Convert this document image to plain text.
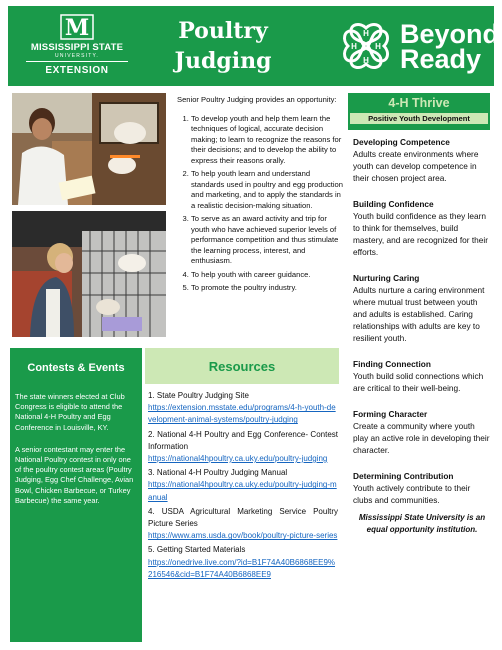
M
MISSISSIPPI STATE
UNIVERSITY.
EXTENSION
Poultry
Judging
H
H
H H Beyond
Ready

Senior Poultry Judging provides an opportunity:

1. To develop youth and help them learn the techniques of logical, accurate decision making; to learn to recognize the reasons for their decisions; and to develop the ability to express their reasons orally.
2. To help youth learn and understand standards used in poultry and egg production and marketing, and to apply the standards in a realistic decision-making situation.
3. To serve as an award activity and trip for youth who have achieved superior levels of performance competition and thus stimulate the learning process, interest, and enthusiasm.
4. To help youth with career guidance.
5. To promote the poultry industry.
Contests & Events

The state winners elected at Club Congress is eligible to attend the National 4-H Poultry and Egg Conference in Louisville, KY.

A senior contestant may enter the National Poultry contest in only one of the poultry contest areas (Poultry Judging, Egg Chef Challenge, Avian Bowl, Chicken Barbecue, or Turkey Barbecue) the same year.

Resources
1. State Poultry Judging Site
https://extension.msstate.edu/programs/4-h-youth-development-animal-systems/poultry-judging
2. National 4-H Poultry and Egg Conference- Contest Information
https://national4hpoultry.ca.uky.edu/poultry-judging
3. National 4-H Poultry Judging Manual
https://national4hpoultry.ca.uky.edu/poultry-judging-manual
4. USDA Agricultural Marketing Service Poultry Picture Series
https://www.ams.usda.gov/book/poultry-picture-series
5. Getting Started Materials
https://onedrive.live.com/?id=B1F74A40B6868EE9%216546&cid=B1F74A40B6868EE9
4-H Thrive
Positive Youth Development
Developing Competence
Adults create environments where youth can develop competence in their chosen project area.
Building Confidence
Youth build confidence as they learn to think for themselves, build mastery, and are recognized for their efforts.
Nurturing Caring
Adults nurture a caring environment where mutual trust between youth and adults is established. Caring relationships with adults are key to resilient youth.
Finding Connection
Youth build solid connections which are critical to their well-being.
Forming Character
Create a community where youth play an active role in developing their character.
Determining Contribution
Youth actively contribute to their clubs and communities.
Mississippi State University is an equal opportunity institution.
